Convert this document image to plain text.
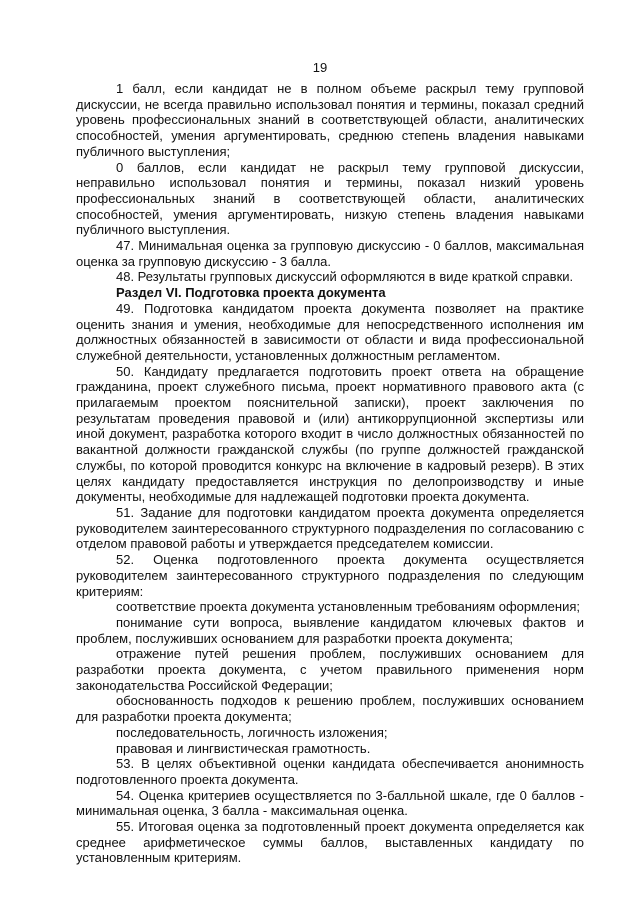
19

1 балл, если кандидат не в полном объеме раскрыл тему групповой дискуссии, не всегда правильно использовал понятия и термины, показал средний уровень профессиональных знаний в соответствующей области, аналитических способностей, умения аргументировать, среднюю степень владения навыками публичного выступления;

0 баллов, если кандидат не раскрыл тему групповой дискуссии, неправильно использовал понятия и термины, показал низкий уровень профессиональных знаний в соответствующей области, аналитических способностей, умения аргументировать, низкую степень владения навыками публичного выступления.

47. Минимальная оценка за групповую дискуссию - 0 баллов, максимальная оценка за групповую дискуссию - 3 балла.

48. Результаты групповых дискуссий оформляются в виде краткой справки.

Раздел VI. Подготовка проекта документа

49. Подготовка кандидатом проекта документа позволяет на практике оценить знания и умения, необходимые для непосредственного исполнения им должностных обязанностей в зависимости от области и вида профессиональной служебной деятельности, установленных должностным регламентом.

50. Кандидату предлагается подготовить проект ответа на обращение гражданина, проект служебного письма, проект нормативного правового акта (с прилагаемым проектом пояснительной записки), проект заключения по результатам проведения правовой и (или) антикоррупционной экспертизы или иной документ, разработка которого входит в число должностных обязанностей по вакантной должности гражданской службы (по группе должностей гражданской службы, по которой проводится конкурс на включение в кадровый резерв). В этих целях кандидату предоставляется инструкция по делопроизводству и иные документы, необходимые для надлежащей подготовки проекта документа.

51. Задание для подготовки кандидатом проекта документа определяется руководителем заинтересованного структурного подразделения по согласованию с отделом правовой работы и утверждается председателем комиссии.

52. Оценка подготовленного проекта документа осуществляется руководителем заинтересованного структурного подразделения по следующим критериям:

соответствие проекта документа установленным требованиям оформления;

понимание сути вопроса, выявление кандидатом ключевых фактов и проблем, послуживших основанием для разработки проекта документа;

отражение путей решения проблем, послуживших основанием для разработки проекта документа, с учетом правильного применения норм законодательства Российской Федерации;

обоснованность подходов к решению проблем, послуживших основанием для разработки проекта документа;

последовательность, логичность изложения;

правовая и лингвистическая грамотность.

53. В целях объективной оценки кандидата обеспечивается анонимность подготовленного проекта документа.

54. Оценка критериев осуществляется по 3-балльной шкале, где 0 баллов - минимальная оценка, 3 балла - максимальная оценка.

55. Итоговая оценка за подготовленный проект документа определяется как среднее арифметическое суммы баллов, выставленных кандидату по установленным критериям.
